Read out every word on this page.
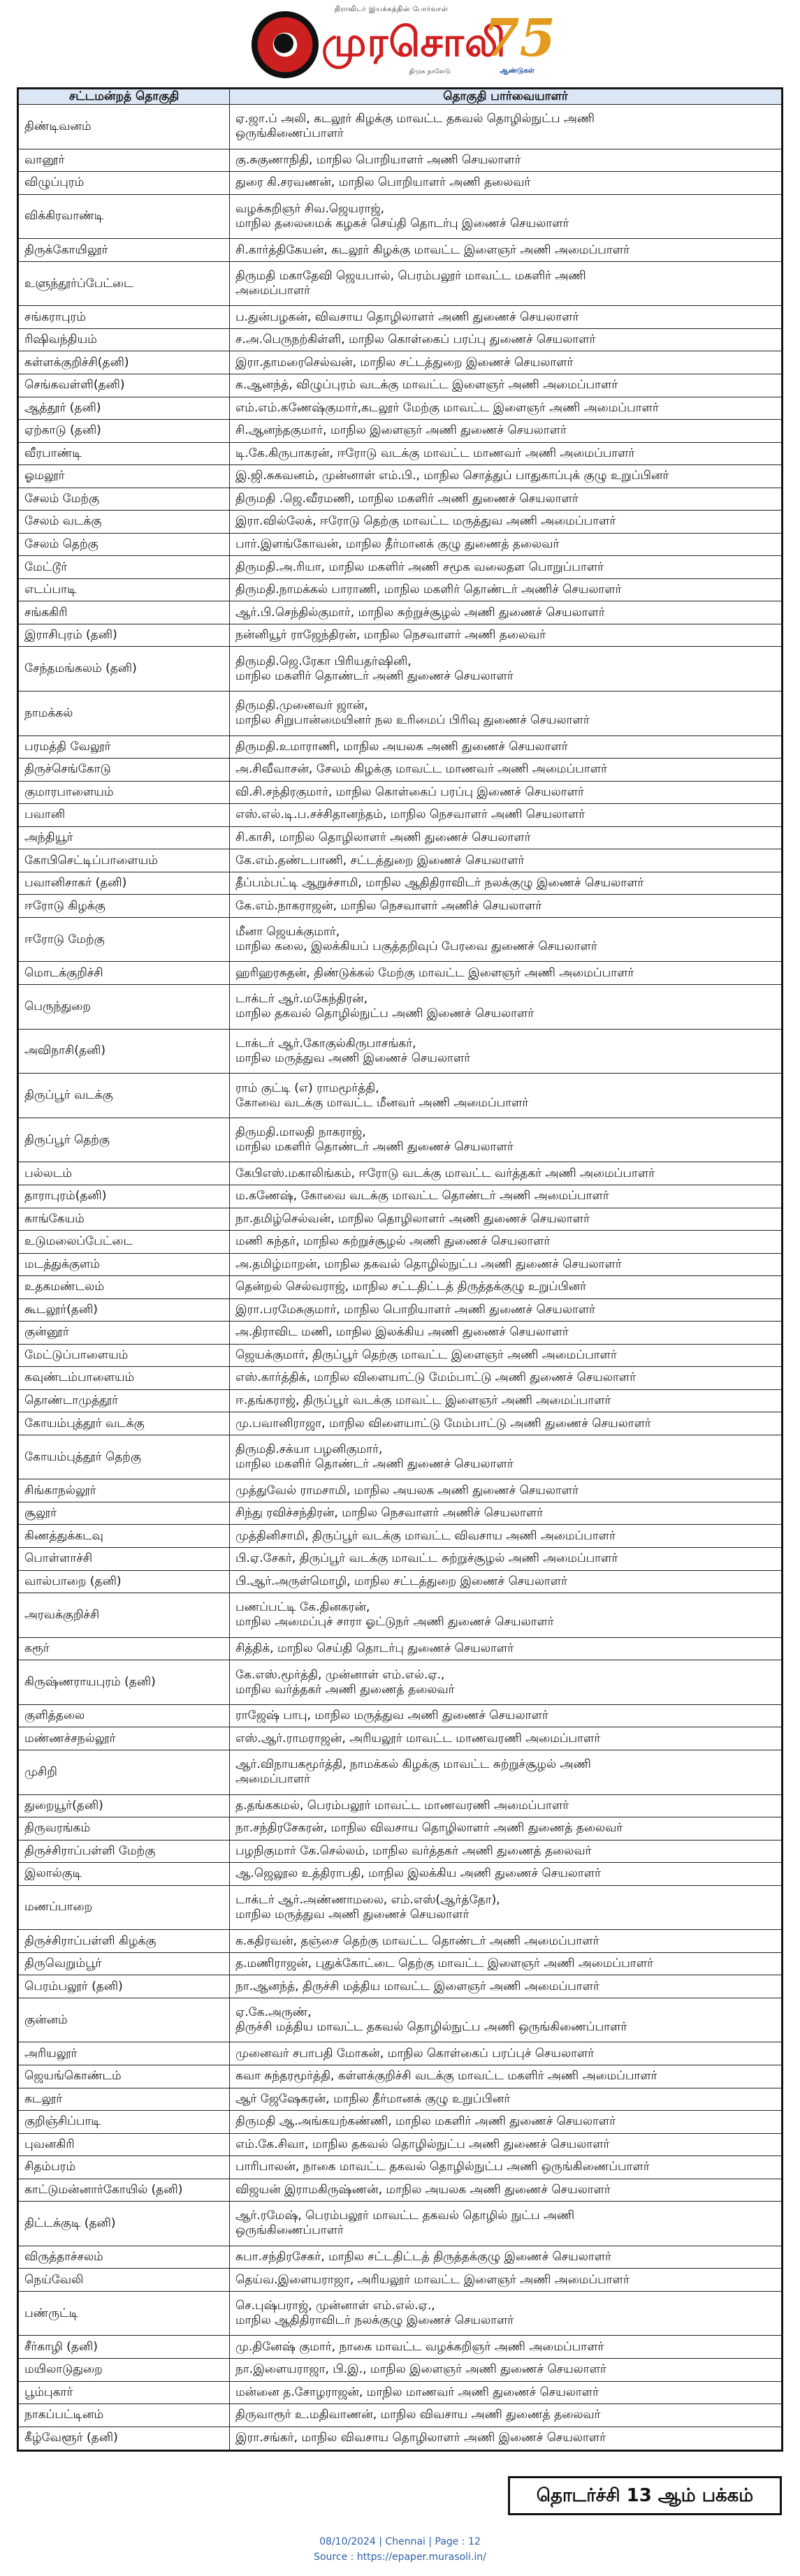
திராவிடர் இயக்கத்தின் போர்வாள்
முரசொலி
திமுக நாளேடு
75
ஆண்டுகள்
சட்டமன்றத் தொகுதி	தொகுதி பார்வையாளர்
திண்டிவனம்	ஏ.ஜா.ப் அலி, கடலூர் கிழக்கு மாவட்ட தகவல் தொழில்நுட்ப அணி
ஒருங்கிணைப்பாளர்

வானூர்	கு.சுகுணாநிதி, மாநில பொறியாளர் அணி செயலாளர்

விழுப்புரம்	துரை கி.சரவணன், மாநில பொறியாளர் அணி தலைவர்

விக்கிரவாண்டி	வழக்கறிஞர் சிவ.ஜெயராஜ்,
மாநில தலைமைக் கழகச் செய்தி தொடர்பு இணைச் செயலாளர்

திருக்கோயிலூர்	சி.கார்த்திகேயன், கடலூர் கிழக்கு மாவட்ட இளைஞர் அணி அமைப்பாளர்

உளுந்தூர்ப்பேட்டை	திருமதி மகாதேவி ஜெயபால், பெரம்பலூர் மாவட்ட மகளிர் அணி
அமைப்பாளர்

சங்கராபுரம்	ப.துன்பழகன், விவசாய தொழிலாளர் அணி துணைச் செயலாளர்

ரிஷிவந்தியம்	ச.அ.பெருநற்கிள்ளி, மாநில கொள்கைப் பரப்பு துணைச் செயலாளர்

கள்ளக்குறிச்சி(தனி)	இரா.தாமரைசெல்வன், மாநில சட்டத்துறை இணைச் செயலாளர்

செங்கவள்ளி(தனி)	க.ஆனந்த், விழுப்புரம் வடக்கு மாவட்ட இளைஞர் அணி அமைப்பாளர்

ஆத்தூர் (தனி)	எம்.எம்.கணேஷ்குமார்,கடலூர் மேற்கு மாவட்ட இளைஞர் அணி அமைப்பாளர்

ஏற்காடு (தனி)	சி.ஆனந்தகுமார், மாநில இளைஞர் அணி துணைச் செயலாளர்

வீரபாண்டி	டி.கே.கிருபாகரன், ஈரோடு வடக்கு மாவட்ட மாணவர் அணி அமைப்பாளர்

ஓமலூர்	இ.ஜி.சுகவனம், முன்னாள் எம்.பி., மாநில சொத்துப் பாதுகாப்புக் குழு உறுப்பினர்

சேலம் மேற்கு	திருமதி .ஜெ.வீரமணி, மாநில மகளிர் அணி துணைச் செயலாளர்

சேலம் வடக்கு	இரா.வில்லேக், ஈரோடு தெற்கு மாவட்ட மருத்துவ அணி அமைப்பாளர்

சேலம் தெற்கு	பார்.இளங்கோவன், மாநில தீர்மானக் குழு துணைத் தலைவர்

மேட்டூர்	திருமதி.அ.ரியா, மாநில மகளிர் அணி சமூக வலைதள பொறுப்பாளர்

எடப்பாடி	திருமதி.நாமக்கல் பாராணி, மாநில மகளிர் தொண்டர் அணிச் செயலாளர்

சங்ககிரி	ஆர்.பி.செந்தில்குமார், மாநில சுற்றுச்சூழல் அணி துணைச் செயலாளர்

இராசிபுரம் (தனி)	நன்னியூர் ராஜேந்திரன், மாநில நெசவாளர் அணி தலைவர்

சேந்தமங்கலம் (தனி)	திருமதி.ஜெ.ரேகா பிரியதர்ஷினி,
மாநில மகளிர் தொண்டர் அணி துணைச் செயலாளர்

நாமக்கல்	திருமதி.முனைவர் ஜான்,
மாநில சிறுபான்மையினர் நல உரிமைப் பிரிவு துணைச் செயலாளர்

பரமத்தி வேலூர்	திருமதி.உமாராணி, மாநில அயலக அணி துணைச் செயலாளர்

திருச்செங்கோடு	அ.சிவீவாசன், சேலம் கிழக்கு மாவட்ட மாணவர் அணி அமைப்பாளர்

குமாரபாளையம்	வி.சி.சந்திரகுமார், மாநில கொள்கைப் பரப்பு இணைச் செயலாளர்

பவானி	எஸ்.எல்.டி.ப.சச்சிதானந்தம், மாநில நெசவாளர் அணி செயலாளர்

அந்தியூர்	சி.காசி, மாநில தொழிலாளர் அணி துணைச் செயலாளர்

கோபிசெட்டிப்பாளையம்	கே.எம்.தண்டபாணி, சட்டத்துறை இணைச் செயலாளர்

பவானிசாகர் (தனி)	தீப்பம்பட்டி ஆறுச்சாமி, மாநில ஆதிதிராவிடர் நலக்குழு இணைச் செயலாளர்

ஈரோடு கிழக்கு	கே.எம்.நாகராஜன், மாநில நெசவாளர் அணிச் செயலாளர்

ஈரோடு மேற்கு	மீனா ஜெயக்குமார்,
மாநில கலை, இலக்கியப் பகுத்தறிவுப் பேரவை துணைச் செயலாளர்

மொடக்குறிச்சி	ஹரிஹரசுதன், திண்டுக்கல் மேற்கு மாவட்ட இளைஞர் அணி அமைப்பாளர்

பெருந்துறை	டாக்டர் ஆர்.மகேந்திரன்,
மாநில தகவல் தொழில்நுட்ப அணி இணைச் செயலாளர்

அவிநாசி(தனி)	டாக்டர் ஆர்.கோகுல்கிருபாசங்கர்,
மாநில மருத்துவ அணி இணைச் செயலாளர்

திருப்பூர் வடக்கு	ராம் குட்டி (எ) ராமமூர்த்தி,
கோவை வடக்கு மாவட்ட மீனவர் அணி அமைப்பாளர்

திருப்பூர் தெற்கு	திருமதி.மாலதி நாகராஜ்,
மாநில மகளிர் தொண்டர் அணி துணைச் செயலாளர்

பல்லடம்	கேபிஎஸ்.மகாலிங்கம், ஈரோடு வடக்கு மாவட்ட வர்த்தகர் அணி அமைப்பாளர்

தாராபுரம்(தனி)	ம.கணேஷ், கோவை வடக்கு மாவட்ட தொண்டர் அணி அமைப்பாளர்

காங்கேயம்	நா.தமிழ்செல்வன், மாநில தொழிலாளர் அணி துணைச் செயலாளர்

உடுமலைப்பேட்டை	மணி சுந்தர், மாநில சுற்றுச்சூழல் அணி துணைச் செயலாளர்

மடத்துக்குளம்	அ.தமிழ்மாறன், மாநில தகவல் தொழில்நுட்ப அணி துணைச் செயலாளர்

உதகமண்டலம்	தென்றல் செல்வராஜ், மாநில சட்டதிட்டத் திருத்தக்குழு உறுப்பினர்

கூடலூர்(தனி)	இரா.பரமேசுகுமார், மாநில பொறியாளர் அணி துணைச் செயலாளர்

குன்னூர்	அ.திராவிட மணி, மாநில இலக்கிய அணி துணைச் செயலாளர்

மேட்டுப்பாளையம்	ஜெயக்குமார், திருப்பூர் தெற்கு மாவட்ட இளைஞர் அணி அமைப்பாளர்

கவுண்டம்பாளையம்	எஸ்.கார்த்திக், மாநில விளையாட்டு மேம்பாட்டு அணி துணைச் செயலாளர்

தொண்டாமுத்தூர்	ஈ.தங்கராஜ், திருப்பூர் வடக்கு மாவட்ட இளைஞர் அணி அமைப்பாளர்

கோயம்புத்தூர் வடக்கு	மு.பவானிராஜா, மாநில விளையாட்டு மேம்பாட்டு அணி துணைச் செயலாளர்

கோயம்புத்தூர் தெற்கு	திருமதி.சக்யா பழனிகுமார்,
மாநில மகளிர் தொண்டர் அணி துணைச் செயலாளர்

சிங்காநல்லூர்	முத்துவேல் ராமசாமி, மாநில அயலக அணி துணைச் செயலாளர்

சூலூர்	சிந்து ரவிச்சந்திரன், மாநில நெசவாளர் அணிச் செயலாளர்

கிணத்துக்கடவு	முத்தினிசாமி, திருப்பூர் வடக்கு மாவட்ட விவசாய அணி அமைப்பாளர்

பொள்ளாச்சி	பி.ஏ.சேகர், திருப்பூர் வடக்கு மாவட்ட சுற்றுச்சூழல் அணி அமைப்பாளர்

வால்பாறை (தனி)	பி.ஆர்.அருள்மொழி, மாநில சட்டத்துறை இணைச் செயலாளர்

அரவக்குறிச்சி	பணப்பட்டி கே.தினகரன்,
மாநில அமைப்புச் சாரா ஓட்டுநர் அணி துணைச் செயலாளர்

கரூர்	சித்திக், மாநில செய்தி தொடர்பு துணைச் செயலாளர்

கிருஷ்ணராயபுரம் (தனி)	கே.எஸ்.மூர்த்தி, முன்னாள் எம்.எல்.ஏ.,
மாநில வர்த்தகர் அணி துணைத் தலைவர்

குளித்தலை	ராஜேஷ் பாபு, மாநில மருத்துவ அணி துணைச் செயலாளர்

மண்ணச்சநல்லூர்	எஸ்.ஆர்.ராமராஜன், அரியலூர் மாவட்ட மாணவரணி அமைப்பாளர்

முசிறி	ஆர்.விநாயகமூர்த்தி, நாமக்கல் கிழக்கு மாவட்ட சுற்றுச்சூழல் அணி
அமைப்பாளர்

துறையூர்(தனி)	த.தங்ககமல், பெரம்பலூர் மாவட்ட மாணவரணி அமைப்பாளர்

திருவரங்கம்	நா.சந்திரசேகரன், மாநில விவசாய தொழிலாளர் அணி துணைத் தலைவர்

திருச்சிராப்பள்ளி மேற்கு	பழநிகுமார் கே.செல்லம், மாநில வர்த்தகர் அணி துணைத் தலைவர்

இலால்குடி	ஆ.ஜெலூல உத்திராபதி, மாநில இலக்கிய அணி துணைச் செயலாளர்

மணப்பாறை	டாக்டர் ஆர்.அண்ணாமலை, எம்.எஸ்(ஆர்த்தோ),
மாநில மருத்துவ அணி துணைச் செயலாளர்

திருச்சிராப்பள்ளி கிழக்கு	க.கதிரவன், தஞ்சை தெற்கு மாவட்ட தொண்டர் அணி அமைப்பாளர்

திருவெறும்பூர்	த.மணிராஜன், புதுக்கோட்டை தெற்கு மாவட்ட இளைஞர் அணி அமைப்பாளர்

பெரம்பலூர் (தனி)	நா.ஆனந்த், திருச்சி மத்திய மாவட்ட இளைஞர் அணி அமைப்பாளர்

குன்னம்	ஏ.கே.அருண்,
திருச்சி மத்திய மாவட்ட தகவல் தொழில்நுட்ப அணி ஒருங்கிணைப்பாளர்

அரியலூர்	முனைவர் சபாபதி மோகன், மாநில கொள்கைப் பரப்புச் செயலாளர்

ஜெயங்கொண்டம்	கவா சுந்தரமூர்த்தி, கள்ளக்குறிச்சி வடக்கு மாவட்ட மகளிர் அணி அமைப்பாளர்

கடலூர்	ஆர் ஜேஷேகரன், மாநில தீர்மானக் குழு உறுப்பினர்

குறிஞ்சிப்பாடி	திருமதி ஆ.அங்கயற்கண்ணி, மாநில மகளிர் அணி துணைச் செயலாளர்

புவனகிரி	எம்.கே.சிவா, மாநில தகவல் தொழில்நுட்ப அணி துணைச் செயலாளர்

சிதம்பரம்	பாரிபாலன், நாகை மாவட்ட தகவல் தொழில்நுட்ப அணி ஒருங்கிணைப்பாளர்

காட்டுமன்னார்கோயில் (தனி)	விஜயன் இராமகிருஷ்ணன், மாநில அயலக அணி துணைச் செயலாளர்

திட்டக்குடி (தனி)	ஆர்.ரமேஷ், பெரம்பலூர் மாவட்ட தகவல் தொழில் நுட்ப அணி
ஒருங்கிணைப்பாளர்

விருத்தாச்சலம்	சுபா.சந்திரசேகர், மாநில சட்டதிட்டத் திருத்தக்குழு இணைச் செயலாளர்

நெய்வேலி	தெய்வ.இளையராஜா, அரியலூர் மாவட்ட இளைஞர் அணி அமைப்பாளர்

பண்ருட்டி	செ.புஷ்பராஜ், முன்னாள் எம்.எல்.ஏ.,
மாநில ஆதிதிராவிடர் நலக்குழு இணைச் செயலாளர்

சீர்காழி (தனி)	மு.தினேஷ் குமார், நாகை மாவட்ட வழக்கறிஞர் அணி அமைப்பாளர்

மயிலாடுதுறை	நா.இளையராஜா, பி.இ., மாநில இளைஞர் அணி துணைச் செயலாளர்

பூம்புகார்	மன்னை த.சோழராஜன், மாநில மாணவர் அணி துணைச் செயலாளர்

நாகப்பட்டினம்	திருவாரூர் உ.மதிவாணன், மாநில விவசாய அணி துணைத் தலைவர்

கீழ்வேளூர் (தனி)	இரா.சங்கர், மாநில விவசாய தொழிலாளர் அணி இணைச் செயலாளர்
தொடர்ச்சி 13 ஆம் பக்கம்
08/10/2024 | Chennai | Page : 12
Source : https://epaper.murasoli.in/
